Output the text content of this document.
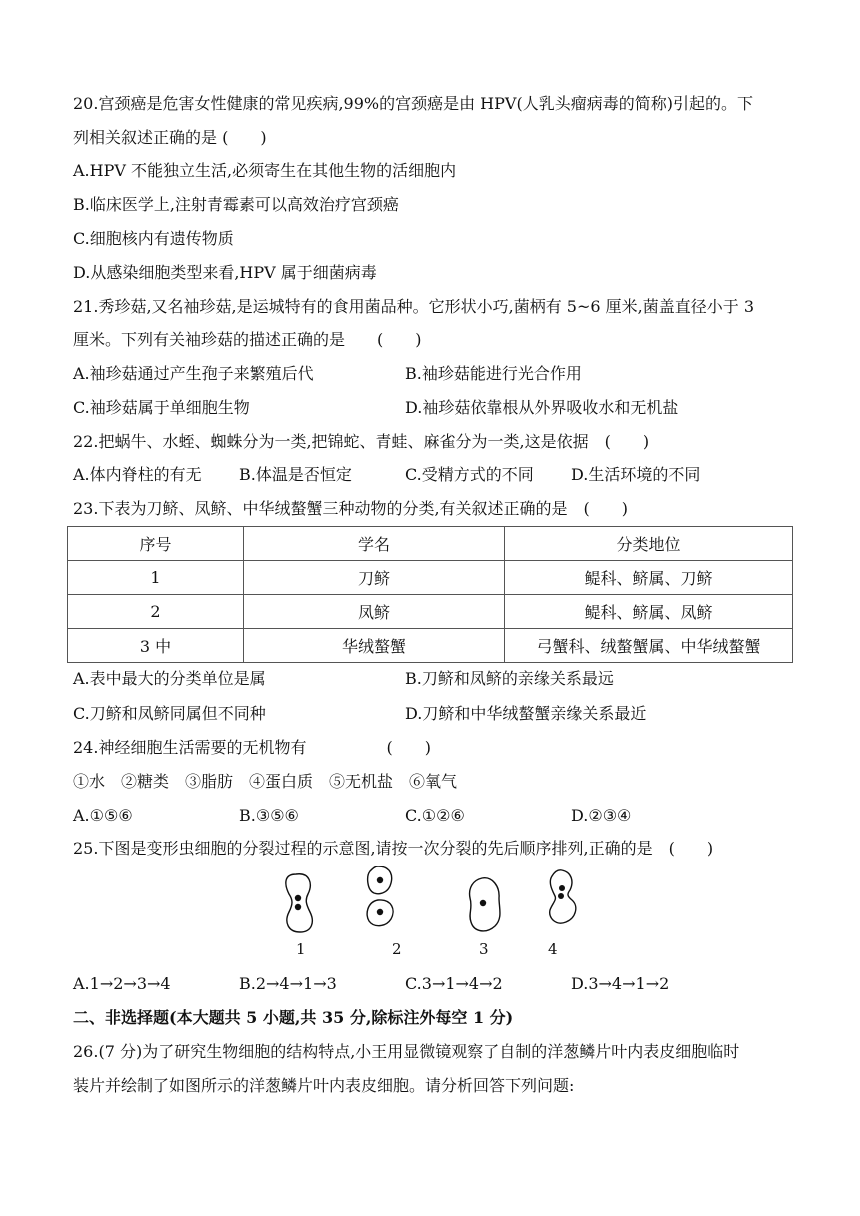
20.宫颈癌是危害女性健康的常见疾病,99%的宫颈癌是由 HPV(人乳头瘤病毒的简称)引起的。下
列相关叙述正确的是 (　　)
A.HPV 不能独立生活,必须寄生在其他生物的活细胞内
B.临床医学上,注射青霉素可以高效治疗宫颈癌
C.细胞核内有遗传物质
D.从感染细胞类型来看,HPV 属于细菌病毒
21.秀珍菇,又名袖珍菇,是运城特有的食用菌品种。它形状小巧,菌柄有 5~6 厘米,菌盖直径小于 3
厘米。下列有关袖珍菇的描述正确的是　　(　　)
A.袖珍菇通过产生孢子来繁殖后代	B.袖珍菇能进行光合作用
C.袖珍菇属于单细胞生物	D.袖珍菇依靠根从外界吸收水和无机盐
22.把蜗牛、水蛭、蜘蛛分为一类,把锦蛇、青蛙、麻雀分为一类,这是依据　(　　)
A.体内脊柱的有无 B.体温是否恒定	C.受精方式的不同 D.生活环境的不同
23.下表为刀鲚、凤鲚、中华绒螯蟹三种动物的分类,有关叙述正确的是　(　　)
序号	学名	分类地位
1	刀鲚	鳀科、鲚属、刀鲚
2	凤鲚	鳀科、鲚属、凤鲚
3 中	华绒螯蟹	弓蟹科、绒螯蟹属、中华绒螯蟹
A.表中最大的分类单位是属	B.刀鲚和凤鲚的亲缘关系最远
C.刀鲚和凤鲚同属但不同种	D.刀鲚和中华绒螯蟹亲缘关系最近
24.神经细胞生活需要的无机物有　　　　　(　　)
①水　②糖类　③脂肪　④蛋白质　⑤无机盐　⑥氧气
A.①⑤⑥	B.③⑤⑥	C.①②⑥	D.②③④
25.下图是变形虫细胞的分裂过程的示意图,请按一次分裂的先后顺序排列,正确的是　(　　)
1	2	3	4
A.1→2→3→4	B.2→4→1→3	C.3→1→4→2	D.3→4→1→2
二、非选择题(本大题共 5 小题,共 35 分,除标注外每空 1 分)
26.(7 分)为了研究生物细胞的结构特点,小王用显微镜观察了自制的洋葱鳞片叶内表皮细胞临时
装片并绘制了如图所示的洋葱鳞片叶内表皮细胞。请分析回答下列问题:
